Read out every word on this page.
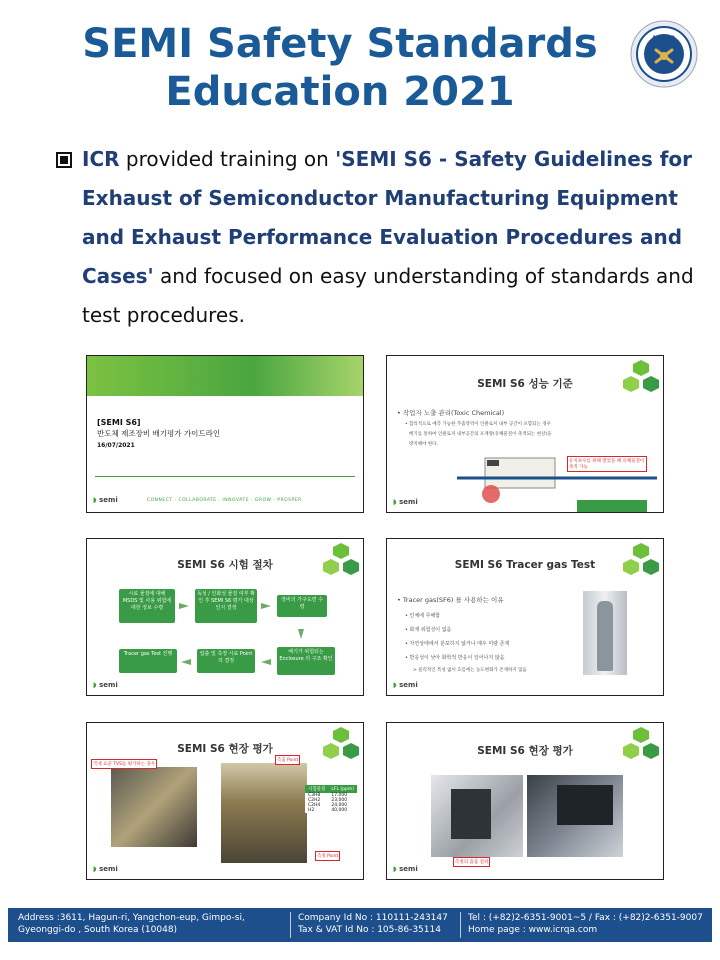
SEMI Safety Standards
Education 2021
I C R
ICR provided training on 'SEMI S6 - Safety Guidelines for Exhaust of Semiconductor Manufacturing Equipment and Exhaust Performance Evaluation Procedures and Cases' and focused on easy understanding of standards and test procedures.
[SEMI S6]
반도체 제조장비 배기평가 가이드라인
16/07/2021
◗ semi	CONNECT · COLLABORATE · INNOVATE · GROW · PROSPER
SEMI S6 성능 기준
• 작업자 노출 관리(Toxic Chemical)
• 합리적으로 예측 가능한 추출영역이 인클로저 내부 공간이 포함되는 경우
배기를 통하여 인클로저 내부공간의 포계량(유해물질이 축적되는 현상)을
방지해야 한다.
유지보수를 위해 열었을 때 유해물질이 축적 가능
◗ semi
SEMI S6 시험 절차
시료 물질에 대해 MSDS 및 사용 위험에 대한 정보 수령
독성 / 인화성 물질 여부 확인 후 SEMI S6 평가 대상인지 결정
장비의 가구도면 수령
배기가 위험되는 Enclosure 의 구조 확인
압출 및 측정 시료 Point 의 결정
Tracer gas Test 진행
◗ semi
SEMI S6 Tracer gas Test
• Tracer gas(SF6) 를 사용하는 이유
• 인체에 무해함
• 화재 위험성이 없음
• 자연상태에서 분포하지 않거나 매우 미량 존재
• 반응성이 낮아 화학적 반응이 일어나지 않음
> 물리적인 특성 없이 흐름에는 농도변화가 존재하지 않음
◗ semi
SEMI S6 현장 평가
국제 표준 TVS를 평가하는 경우
측출 Point
측정 Point
시험물질	LFL (ppm)
C3H8	17,000
C2H2	23,000
C2H4	24,000
H2	40,000
◗ semi
SEMI S6 현장 평가
측정의 흡출 점위
◗ semi
Address :3611, Hagun-ri, Yangchon-eup, Gimpo-si,
Gyeonggi-do , South Korea (10048)
Company Id No : 110111-243147
Tax & VAT Id No : 105-86-35114
Tel : (+82)2-6351-9001~5 / Fax : (+82)2-6351-9007
Home page : www.icrqa.com
